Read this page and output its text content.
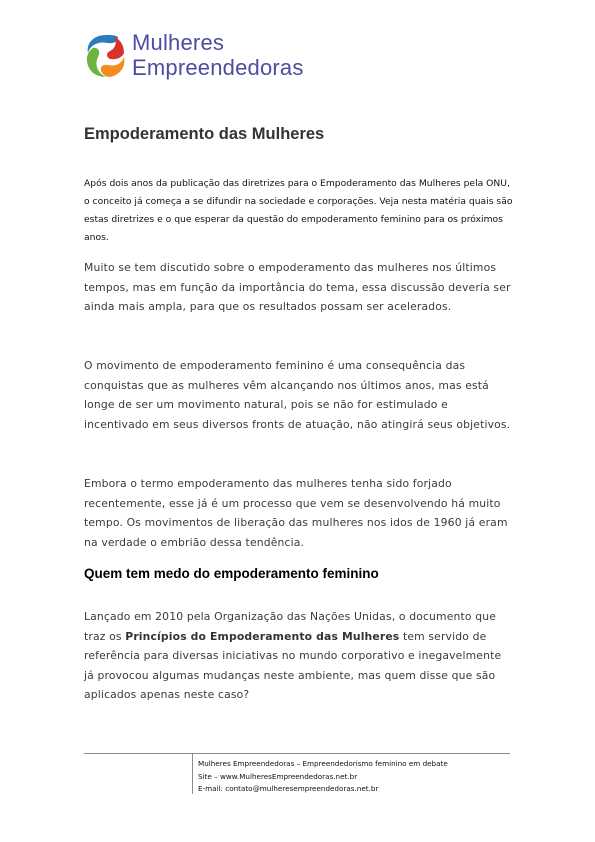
Mulheres
Empreendedoras
Empoderamento das Mulheres

Após dois anos da publicação das diretrizes para o Empoderamento das Mulheres pela ONU, o conceito já começa a se difundir na sociedade e corporações. Veja nesta matéria quais são estas diretrizes e o que esperar da questão do empoderamento feminino para os próximos anos.

Muito se tem discutido sobre o empoderamento das mulheres nos últimos tempos, mas em função da importância do tema, essa discussão deveria ser ainda mais ampla, para que os resultados possam ser acelerados.

O movimento de empoderamento feminino é uma consequência das conquistas que as mulheres vêm alcançando nos últimos anos, mas está longe de ser um movimento natural, pois se não for estimulado e incentivado em seus diversos fronts de atuação, não atingirá seus objetivos.

Embora o termo empoderamento das mulheres tenha sido forjado recentemente, esse já é um processo que vem se desenvolvendo há muito tempo. Os movimentos de liberação das mulheres nos idos de 1960 já eram na verdade o embrião dessa tendência.

Quem tem medo do empoderamento feminino

Lançado em 2010 pela Organização das Nações Unidas, o documento que traz os Princípios do Empoderamento das Mulheres tem servido de referência para diversas iniciativas no mundo corporativo e inegavelmente já provocou algumas mudanças neste ambiente, mas quem disse que são aplicados apenas neste caso?

Mulheres Empreendedoras – Empreendedorismo feminino em debate
Site – www.MulheresEmpreendedoras.net.br
E-mail: contato@mulheresempreendedoras.net.br
